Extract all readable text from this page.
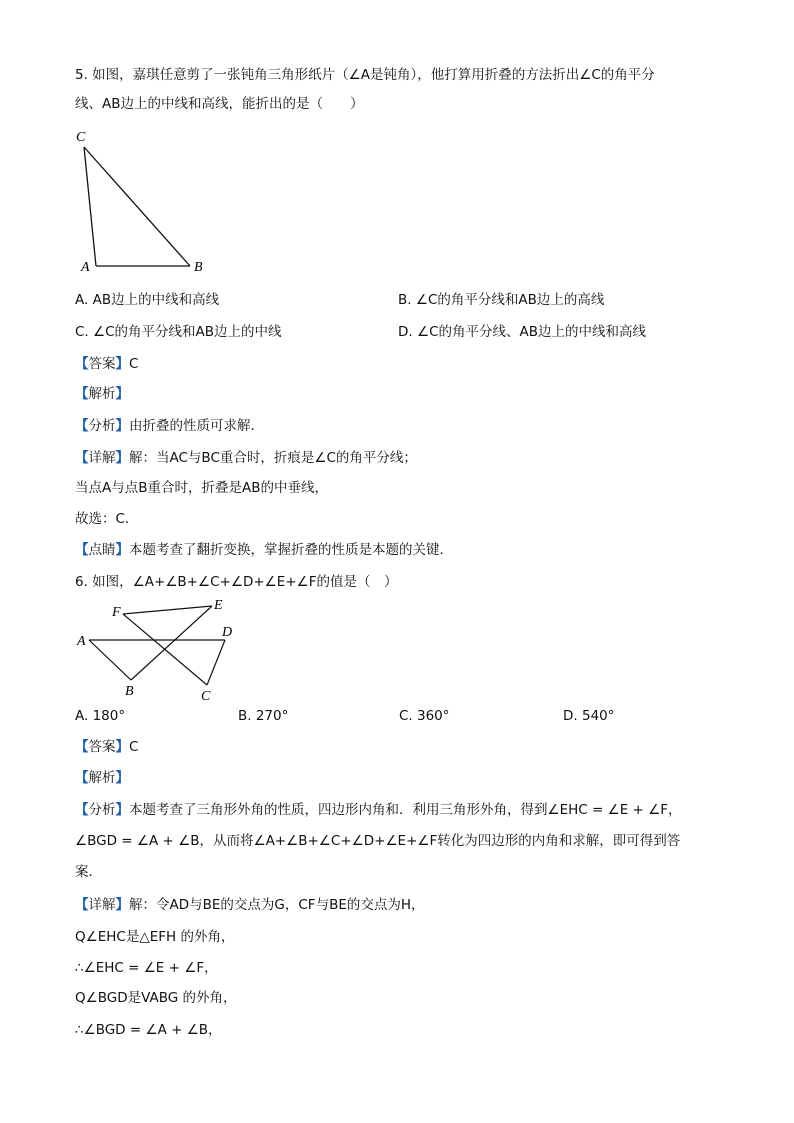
5. 如图，嘉琪任意剪了一张钝角三角形纸片（∠A是钝角），他打算用折叠的方法折出∠C的角平分
线、AB边上的中线和高线，能折出的是（　　）
C
A	B
F	E
A
D
B	C
A. AB边上的中线和高线	B. ∠C的角平分线和AB边上的高线
C. ∠C的角平分线和AB边上的中线	D. ∠C的角平分线、AB边上的中线和高线
【答案】C
【解析】
【分析】由折叠的性质可求解．
【详解】解：当AC与BC重合时，折痕是∠C的角平分线；
当点A与点B重合时，折叠是AB的中垂线，
故选：C．
【点睛】本题考查了翻折变换，掌握折叠的性质是本题的关键．
6. 如图，∠A+∠B+∠C+∠D+∠E+∠F的值是（　）
A. 180°	B. 270°	C. 360°	D. 540°
【答案】C
【解析】
【分析】本题考查了三角形外角的性质，四边形内角和．利用三角形外角，得到∠EHC = ∠E + ∠F，
∠BGD = ∠A + ∠B，从而将∠A+∠B+∠C+∠D+∠E+∠F转化为四边形的内角和求解，即可得到答
案．
【详解】解：令AD与BE的交点为G，CF与BE的交点为H，
Q∠EHC是△EFH 的外角，
∴∠EHC = ∠E + ∠F，
Q∠BGD是VABG 的外角，
∴∠BGD = ∠A + ∠B，
